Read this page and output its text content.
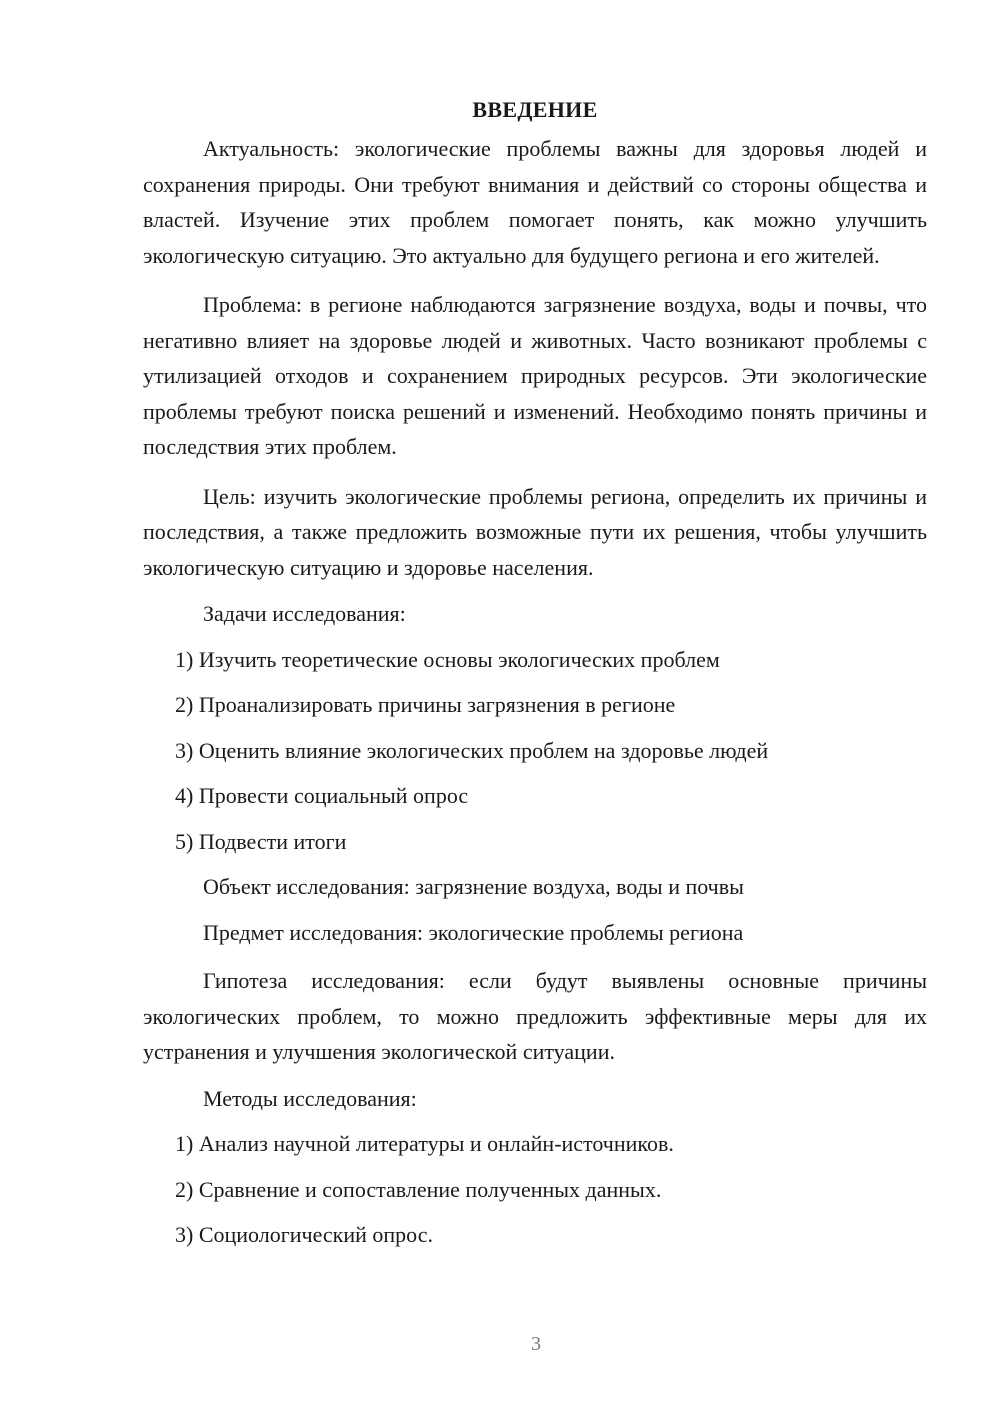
ВВЕДЕНИЕ

Актуальность: экологические проблемы важны для здоровья людей и сохранения природы. Они требуют внимания и действий со стороны общества и властей. Изучение этих проблем помогает понять, как можно улучшить экологическую ситуацию. Это актуально для будущего региона и его жителей.

Проблема: в регионе наблюдаются загрязнение воздуха, воды и почвы, что негативно влияет на здоровье людей и животных. Часто возникают проблемы с утилизацией отходов и сохранением природных ресурсов. Эти экологические проблемы требуют поиска решений и изменений. Необходимо понять причины и последствия этих проблем.

Цель: изучить экологические проблемы региона, определить их причины и последствия, а также предложить возможные пути их решения, чтобы улучшить экологическую ситуацию и здоровье населения.

Задачи исследования:
1) Изучить теоретические основы экологических проблем
2) Проанализировать причины загрязнения в регионе
3) Оценить влияние экологических проблем на здоровье людей
4) Провести социальный опрос
5) Подвести итоги
Объект исследования: загрязнение воздуха, воды и почвы
Предмет исследования: экологические проблемы региона

Гипотеза исследования: если будут выявлены основные причины экологических проблем, то можно предложить эффективные меры для их устранения и улучшения экологической ситуации.

Методы исследования:
1) Анализ научной литературы и онлайн-источников.
2) Сравнение и сопоставление полученных данных.
3) Социологический опрос.
3
